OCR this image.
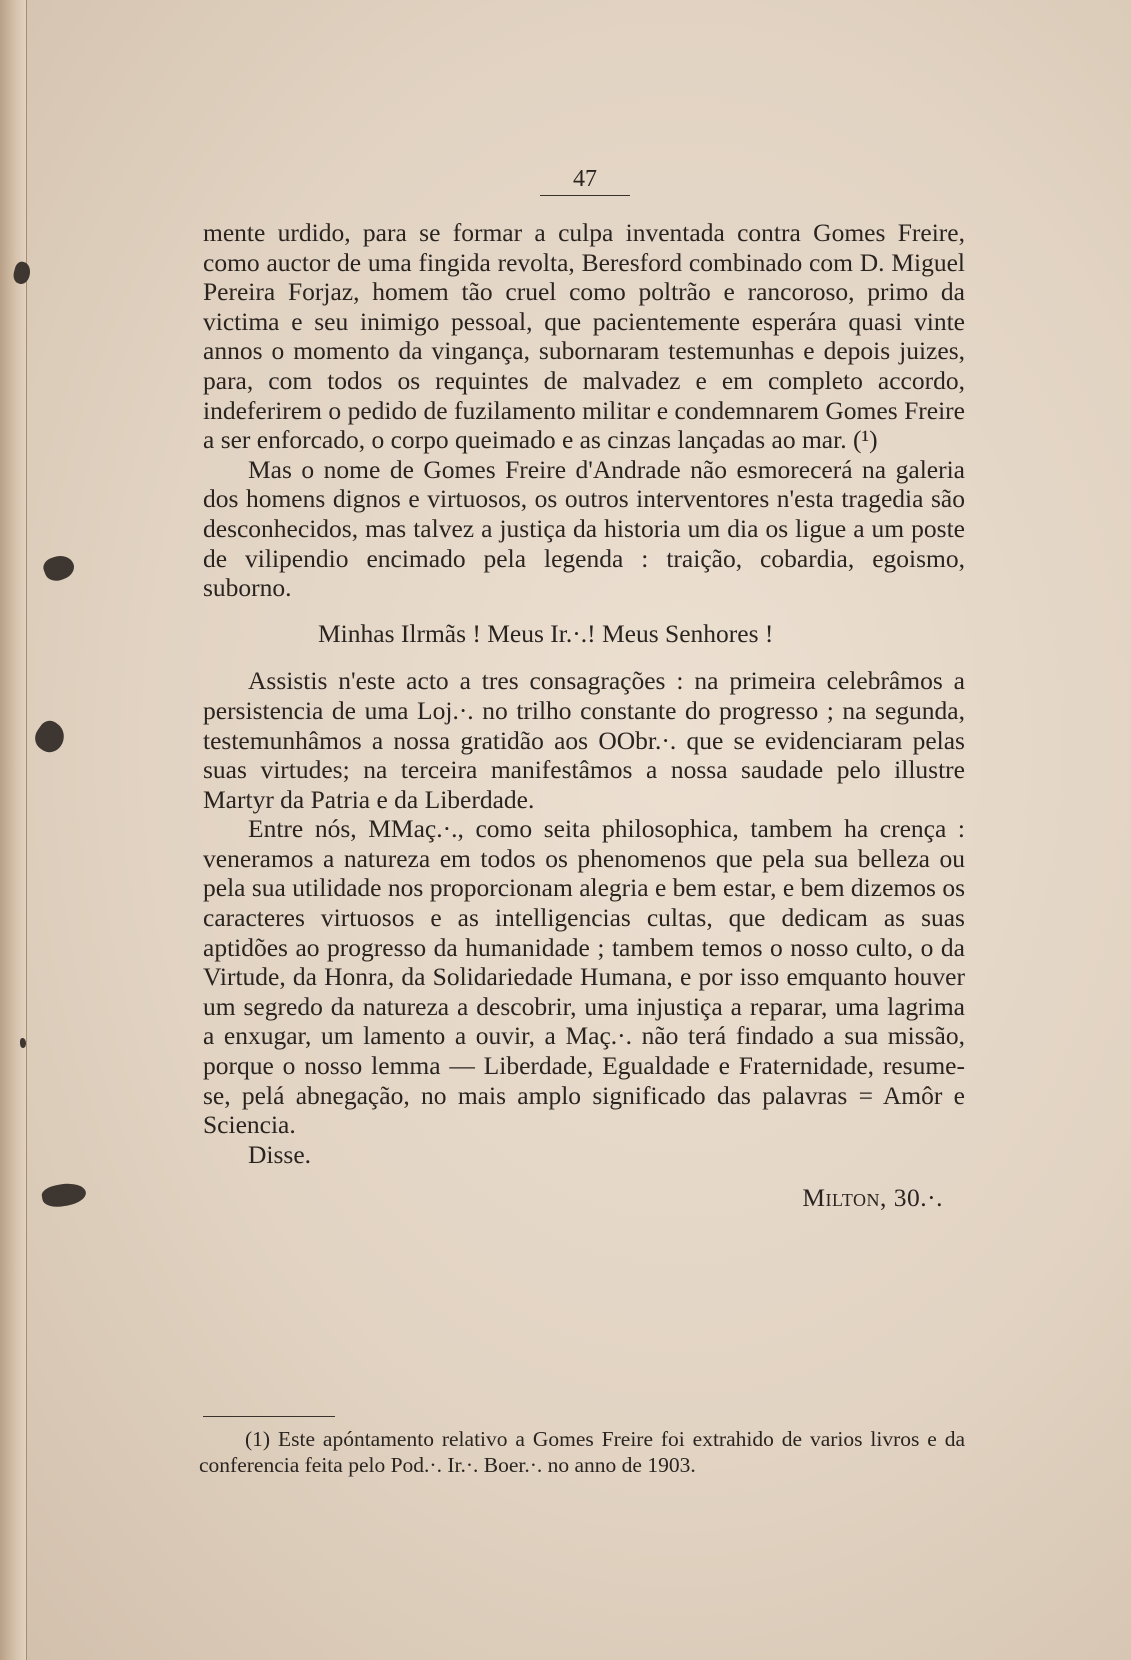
47

mente urdido, para se formar a culpa inventada contra Gomes Freire, como auctor de uma fingida revolta, Beresford combinado com D. Miguel Pereira Forjaz, homem tão cruel como poltrão e rancoroso, primo da victima e seu inimigo pessoal, que pacientemente esperára quasi vinte annos o momento da vingança, subornaram testemunhas e depois juizes, para, com todos os requintes de malvadez e em completo accordo, indeferirem o pedido de fuzilamento militar e condemnarem Gomes Freire a ser enforcado, o corpo queimado e as cinzas lançadas ao mar. (¹)

Mas o nome de Gomes Freire d'Andrade não esmorecerá na galeria dos homens dignos e virtuosos, os outros interventores n'esta tragedia são desconhecidos, mas talvez a justiça da historia um dia os ligue a um poste de vilipendio encimado pela legenda : traição, cobardia, egoismo, suborno.

Minhas Ilrmãs ! Meus Ir.·.! Meus Senhores !

Assistis n'este acto a tres consagrações : na primeira celebrâmos a persistencia de uma Loj.·. no trilho constante do progresso ; na segunda, testemunhâmos a nossa gratidão aos OObr.·. que se evidenciaram pelas suas virtudes; na terceira manifestâmos a nossa saudade pelo illustre Martyr da Patria e da Liberdade.

Entre nós, MMaç.·., como seita philosophica, tambem ha crença : veneramos a natureza em todos os phenomenos que pela sua belleza ou pela sua utilidade nos proporcionam alegria e bem estar, e bem dizemos os caracteres virtuosos e as intelligencias cultas, que dedicam as suas aptidões ao progresso da humanidade ; tambem temos o nosso culto, o da Virtude, da Honra, da Solidariedade Humana, e por isso emquanto houver um segredo da natureza a descobrir, uma injustiça a reparar, uma lagrima a enxugar, um lamento a ouvir, a Maç.·. não terá findado a sua missão, porque o nosso lemma — Liberdade, Egualdade e Fraternidade, resume-se, pelá abnegação, no mais amplo significado das palavras = Amôr e Sciencia.

Disse.

Milton, 30.·.

(1) Este apóntamento relativo a Gomes Freire foi extrahido de varios livros e da conferencia feita pelo Pod.·. Ir.·. Boer.·. no anno de 1903.
